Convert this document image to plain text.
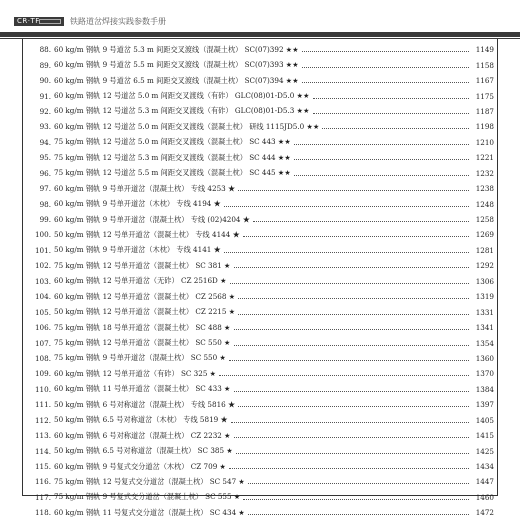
CR·TF	铁路道岔焊接实践参数手册
88. 60 kg/m 钢轨 9 号道岔 5.3 m 间距交叉渡线（混凝土枕） SC(07)392 ★★	1149
89. 60 kg/m 钢轨 9 号道岔 5.5 m 间距交叉渡线（混凝土枕） SC(07)393 ★★	1158
90. 60 kg/m 钢轨 9 号道岔 6.5 m 间距交叉渡线（混凝土枕） SC(07)394 ★★	1167
91. 60 kg/m 钢轨 12 号道岔 5.0 m 间距交叉渡线（有砟） GLC(08)01-D5.0 ★★	1175
92. 60 kg/m 钢轨 12 号道岔 5.3 m 间距交叉渡线（有砟） GLC(08)01-D5.3 ★★	1187
93. 60 kg/m 钢轨 12 号道岔 5.0 m 间距交叉渡线（混凝土枕） 研线 1115JD5.0 ★★	1198
94. 75 kg/m 钢轨 12 号道岔 5.0 m 间距交叉渡线（混凝土枕） SC 443 ★★	1210
95. 75 kg/m 钢轨 12 号道岔 5.3 m 间距交叉渡线（混凝土枕） SC 444 ★★	1221
96. 75 kg/m 钢轨 12 号道岔 5.5 m 间距交叉渡线（混凝土枕） SC 445 ★★	1232
97. 60 kg/m 钢轨 9 号单开道岔（混凝土枕） 专线 4253 ★	1238
98. 60 kg/m 钢轨 9 号单开道岔（木枕） 专线 4194 ★	1248
99. 60 kg/m 钢轨 9 号单开道岔（混凝土枕） 专线 (02)4204 ★	1258
100. 50 kg/m 钢轨 12 号单开道岔（混凝土枕） 专线 4144 ★	1269
101. 50 kg/m 钢轨 9 号单开道岔（木枕） 专线 4141 ★	1281
102. 75 kg/m 钢轨 12 号单开道岔（混凝土枕） SC 381 ★	1292
103. 60 kg/m 钢轨 12 号单开道岔（无砟） CZ 2516D ★	1306
104. 60 kg/m 钢轨 12 号单开道岔（混凝土枕） CZ 2568 ★	1319
105. 50 kg/m 钢轨 12 号单开道岔（混凝土枕） CZ 2215 ★	1331
106. 75 kg/m 钢轨 18 号单开道岔（混凝土枕） SC 488 ★	1341
107. 75 kg/m 钢轨 12 号单开道岔（混凝土枕） SC 550 ★	1354
108. 75 kg/m 钢轨 9 号单开道岔（混凝土枕） SC 550 ★	1360
109. 60 kg/m 钢轨 12 号单开道岔（有砟） SC 325 ★	1370
110. 60 kg/m 钢轨 11 号单开道岔（混凝土枕） SC 433 ★	1384
111. 50 kg/m 钢轨 6 号对称道岔（混凝土枕） 专线 5816 ★	1397
112. 50 kg/m 钢轨 6.5 号对称道岔（木枕） 专线 5819 ★	1405
113. 60 kg/m 钢轨 6 号对称道岔（混凝土枕） CZ 2232 ★	1415
114. 50 kg/m 钢轨 6.5 号对称道岔（混凝土枕） SC 385 ★	1425
115. 60 kg/m 钢轨 9 号复式交分道岔（木枕） CZ 709 ★	1434
116. 75 kg/m 钢轨 12 号复式交分道岔（混凝土枕） SC 547 ★	1447
117. 75 kg/m 钢轨 9 号复式交分道岔（混凝土枕） SC 555 ★	1460
118. 60 kg/m 钢轨 11 号复式交分道岔（混凝土枕） SC 434 ★	1472
